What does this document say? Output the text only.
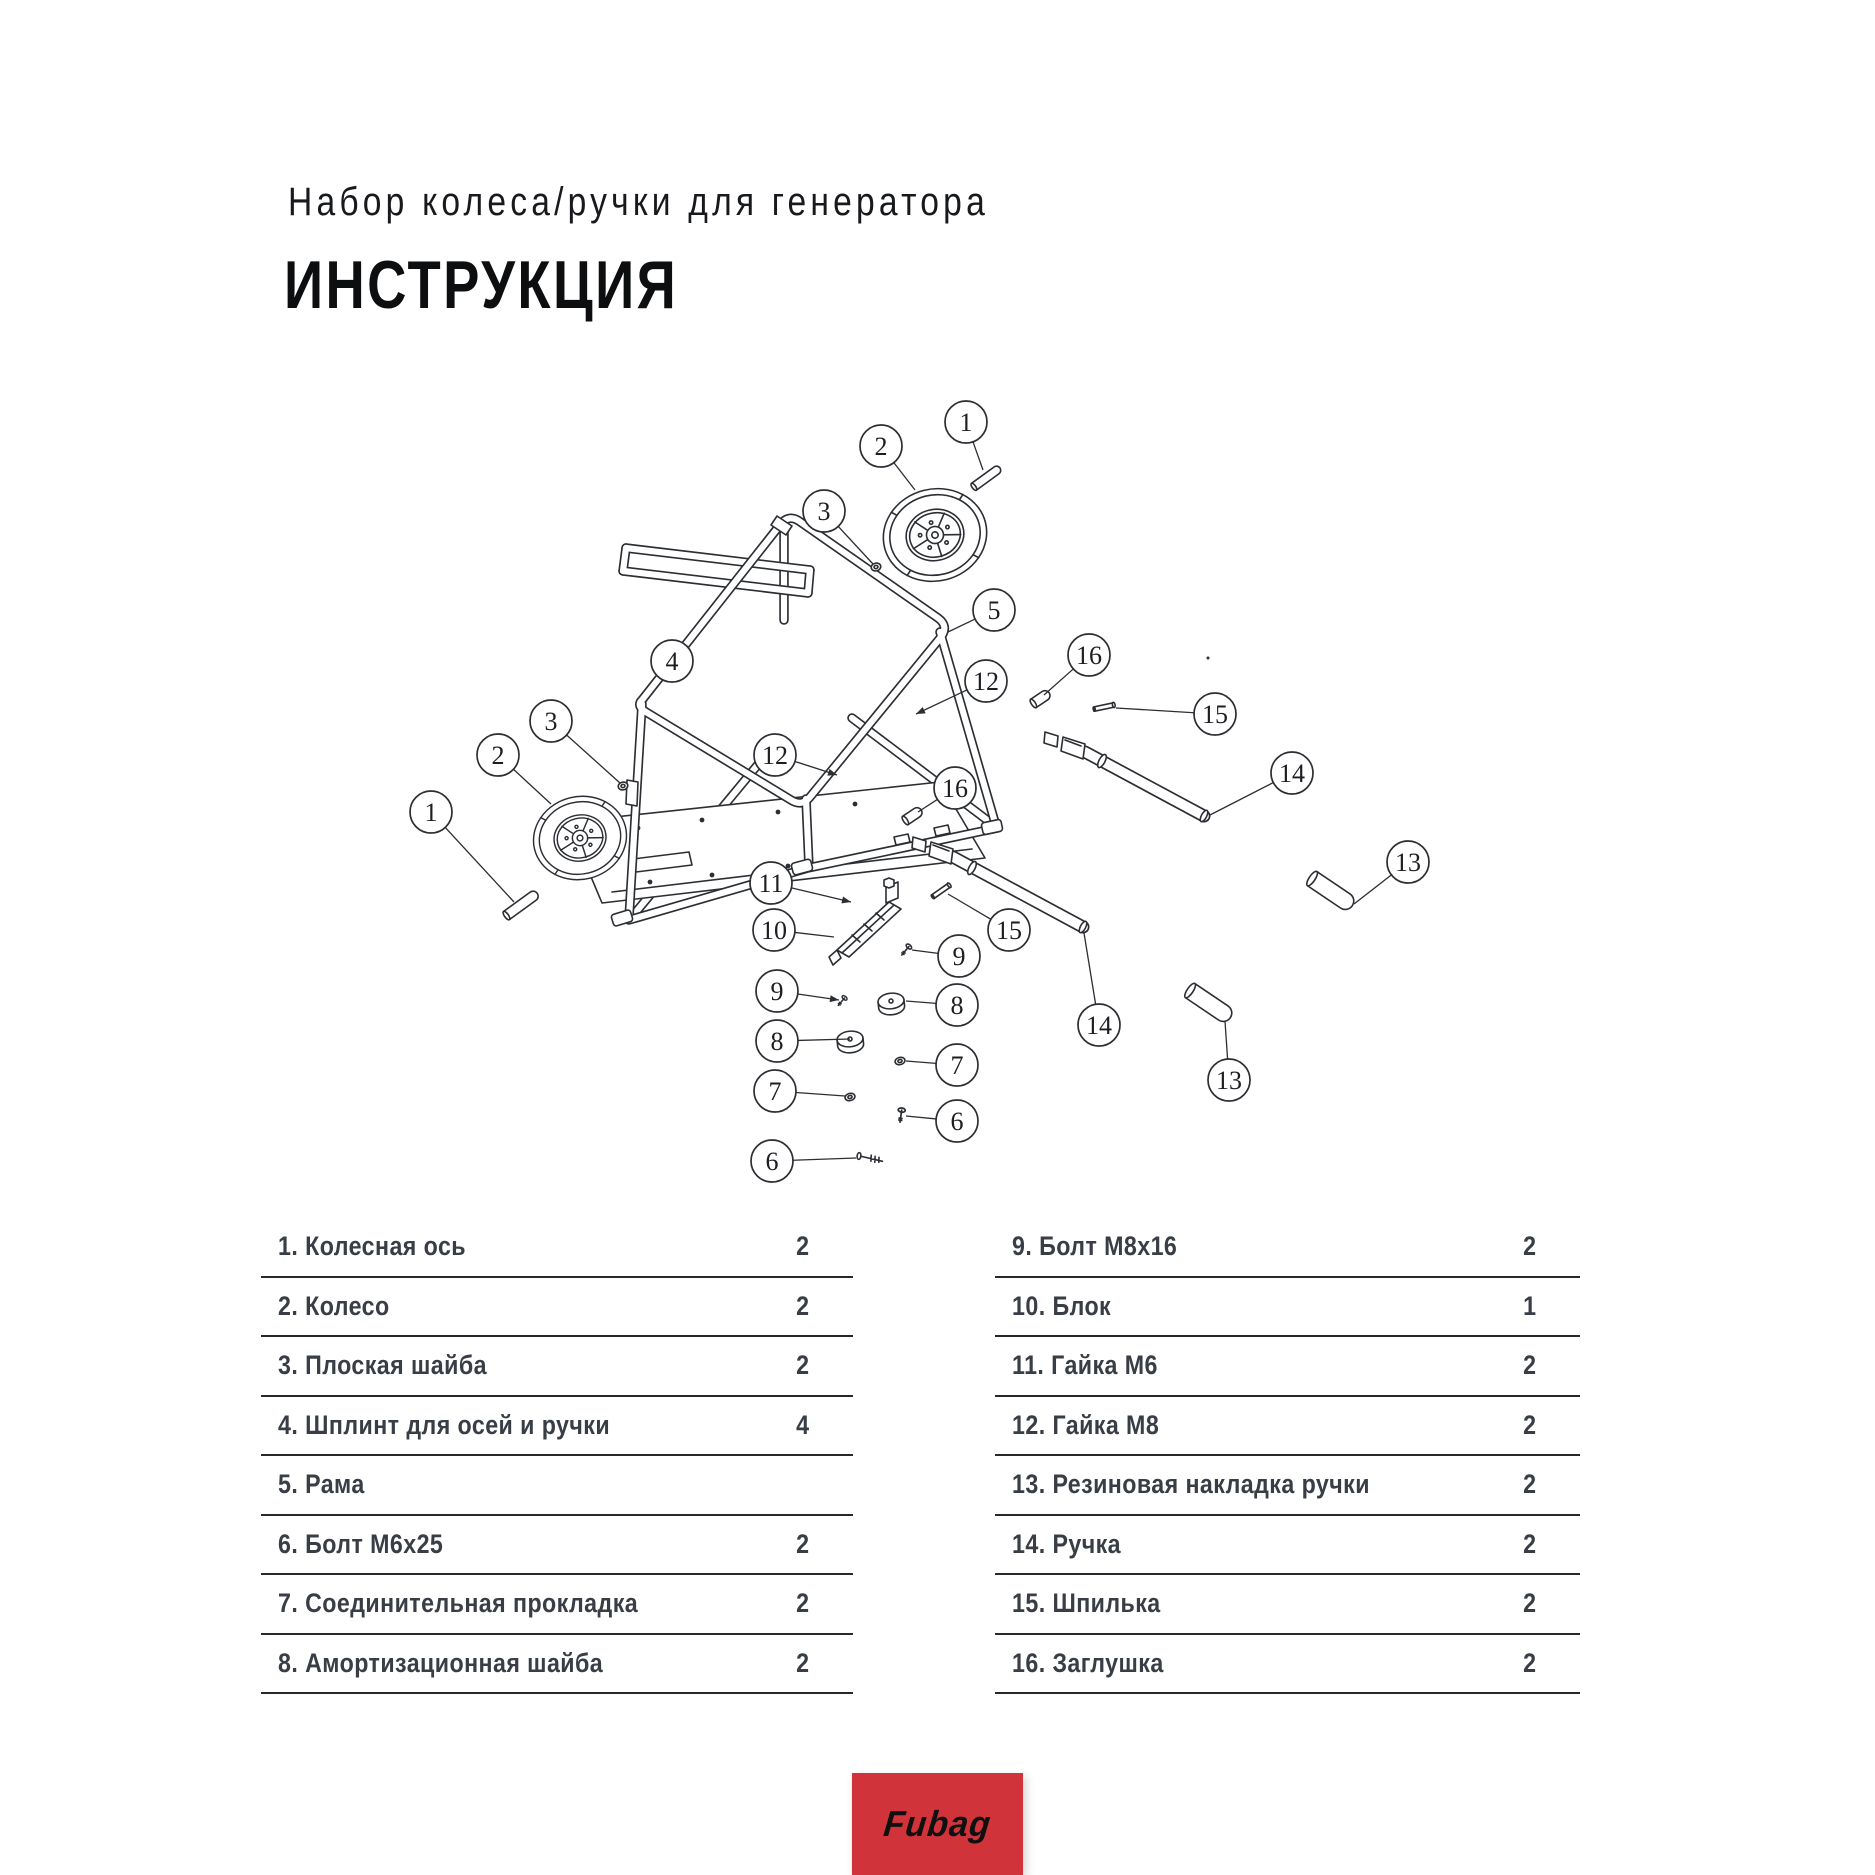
Набор колеса/ручки для генератора
ИНСТРУКЦИЯ
1
2
3
5
4	16
12
15
14
3
12
2
16
1
13
11
10	15
9
9	8
14
8
7
7	13
6
6
1. Колесная ось	2
2. Колесо	2
3. Плоская шайба	2
4. Шплинт для осей и ручки	4
5. Рама
6. Болт M6x25	2
7. Соединительная прокладка	2
8. Амортизационная шайба	2
9. Болт M8x16	2
10. Блок	1
11. Гайка M6	2
12. Гайка M8	2
13. Резиновая накладка ручки	2
14. Ручка	2
15. Шпилька	2
16. Заглушка	2
Fubag
